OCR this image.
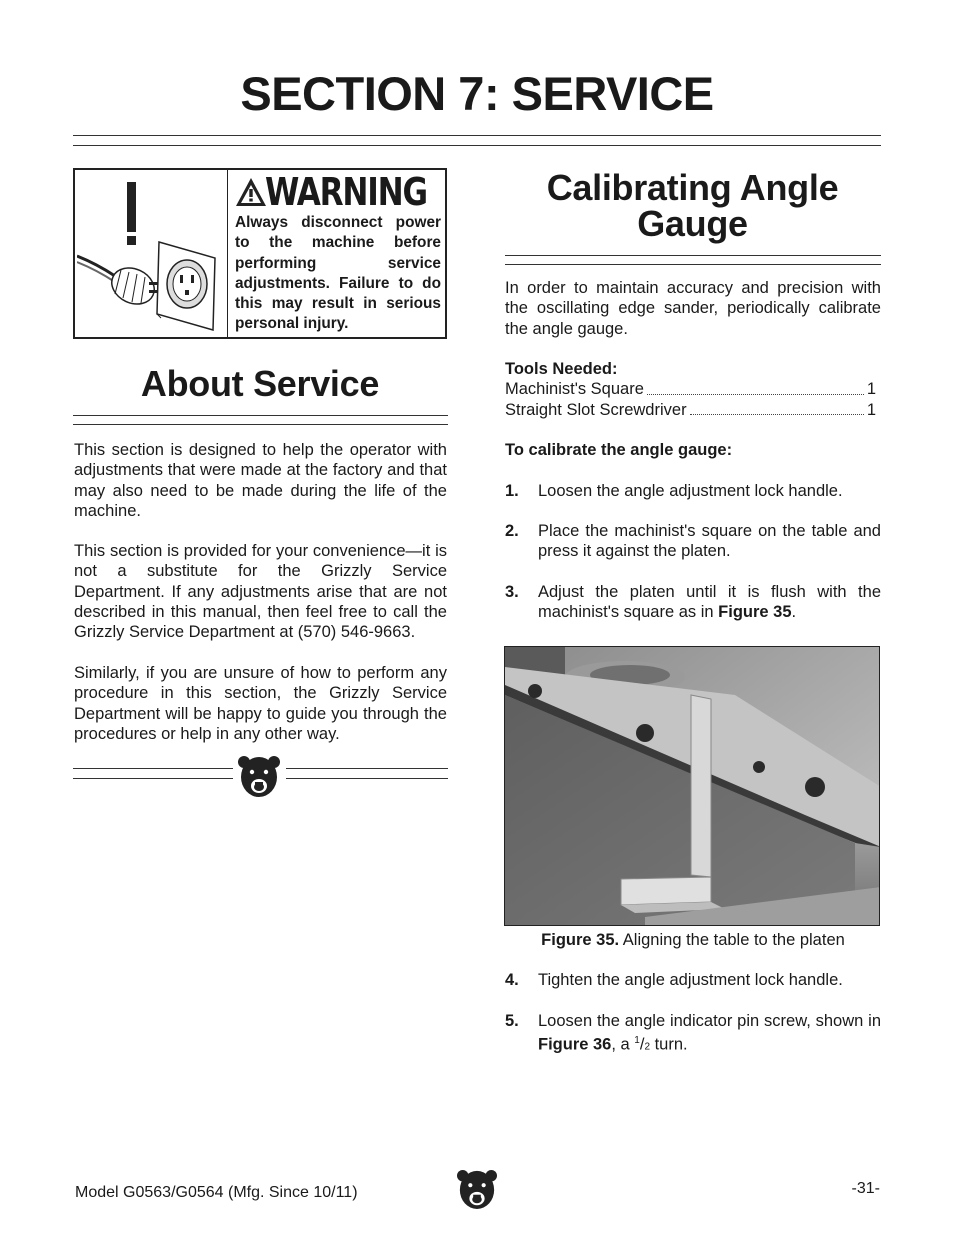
SECTION 7: SERVICE
WARNING
Always disconnect power to the machine before performing service adjustments. Failure to do this may result in serious personal injury.
About Service
This section is designed to help the operator with adjustments that were made at the factory and that may also need to be made during the life of the machine.
This section is provided for your convenience—it is not a substitute for the Grizzly Service Department. If any adjustments arise that are not described in this manual, then feel free to call the Grizzly Service Department at (570) 546-9663.
Similarly, if you are unsure of how to perform any procedure in this section, the Grizzly Service Department will be happy to guide you through the procedures or help in any other way.
Calibrating Angle
Gauge
In order to maintain accuracy and precision with the oscillating edge sander, periodically calibrate the angle gauge.
Tools Needed:
Machinist's Square	1
Straight Slot Screwdriver	1
To calibrate the angle gauge:
1.	Loosen the angle adjustment lock handle.
2.	Place the machinist's square on the table and press it against the platen.
3.	Adjust the platen until it is flush with the machinist's square as in Figure 35.
Figure 35. Aligning the table to the platen
4.	Tighten the angle adjustment lock handle.
5.	Loosen the angle indicator pin screw, shown in Figure 36, a $^1$/2 turn.
Model G0563/G0564 (Mfg. Since 10/11)	-31-
